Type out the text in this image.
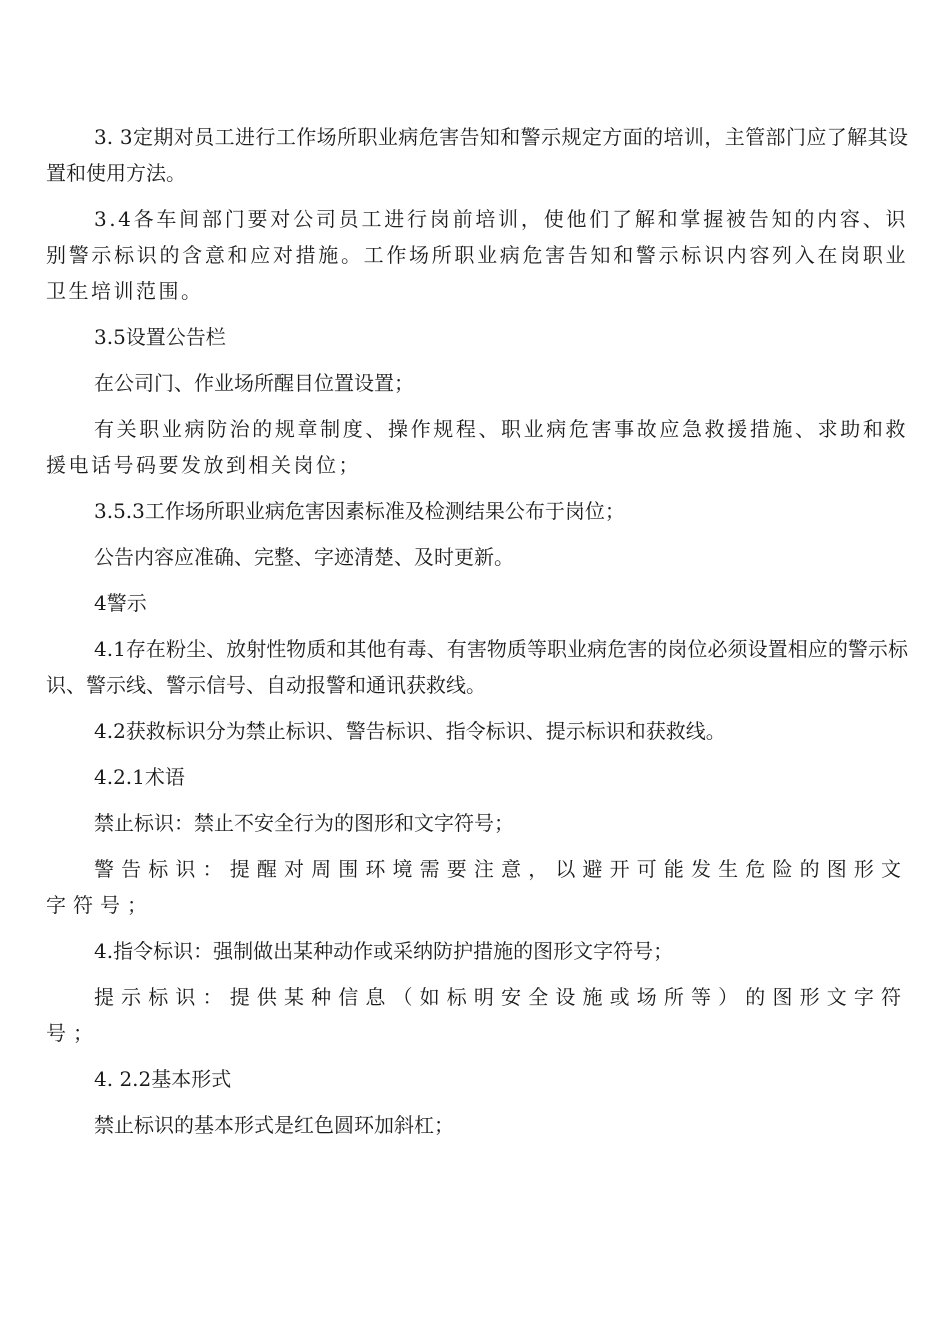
3. 3定期对员工进行工作场所职业病危害告知和警示规定方面的培训，主管部门应了解其设置和使用方法。

3.4各车间部门要对公司员工进行岗前培训，使他们了解和掌握被告知的内容、识别警示标识的含意和应对措施。工作场所职业病危害告知和警示标识内容列入在岗职业卫生培训范围。

3.5设置公告栏

在公司门、作业场所醒目位置设置；

有关职业病防治的规章制度、操作规程、职业病危害事故应急救援措施、求助和救援电话号码要发放到相关岗位；

3.5.3工作场所职业病危害因素标准及检测结果公布于岗位；

公告内容应准确、完整、字迹清楚、及时更新。

4警示

4.1存在粉尘、放射性物质和其他有毒、有害物质等职业病危害的岗位必须设置相应的警示标识、警示线、警示信号、自动报警和通讯获救线。

4.2获救标识分为禁止标识、警告标识、指令标识、提示标识和获救线。

4.2.1术语

禁止标识：禁止不安全行为的图形和文字符号；

警告标识：提醒对周围环境需要注意，以避开可能发生危险的图形文字符号；

4.指令标识：强制做出某种动作或采纳防护措施的图形文字符号；

提示标识：提供某种信息（如标明安全设施或场所等）的图形文字符号；

4. 2.2基本形式

禁止标识的基本形式是红色圆环加斜杠；
